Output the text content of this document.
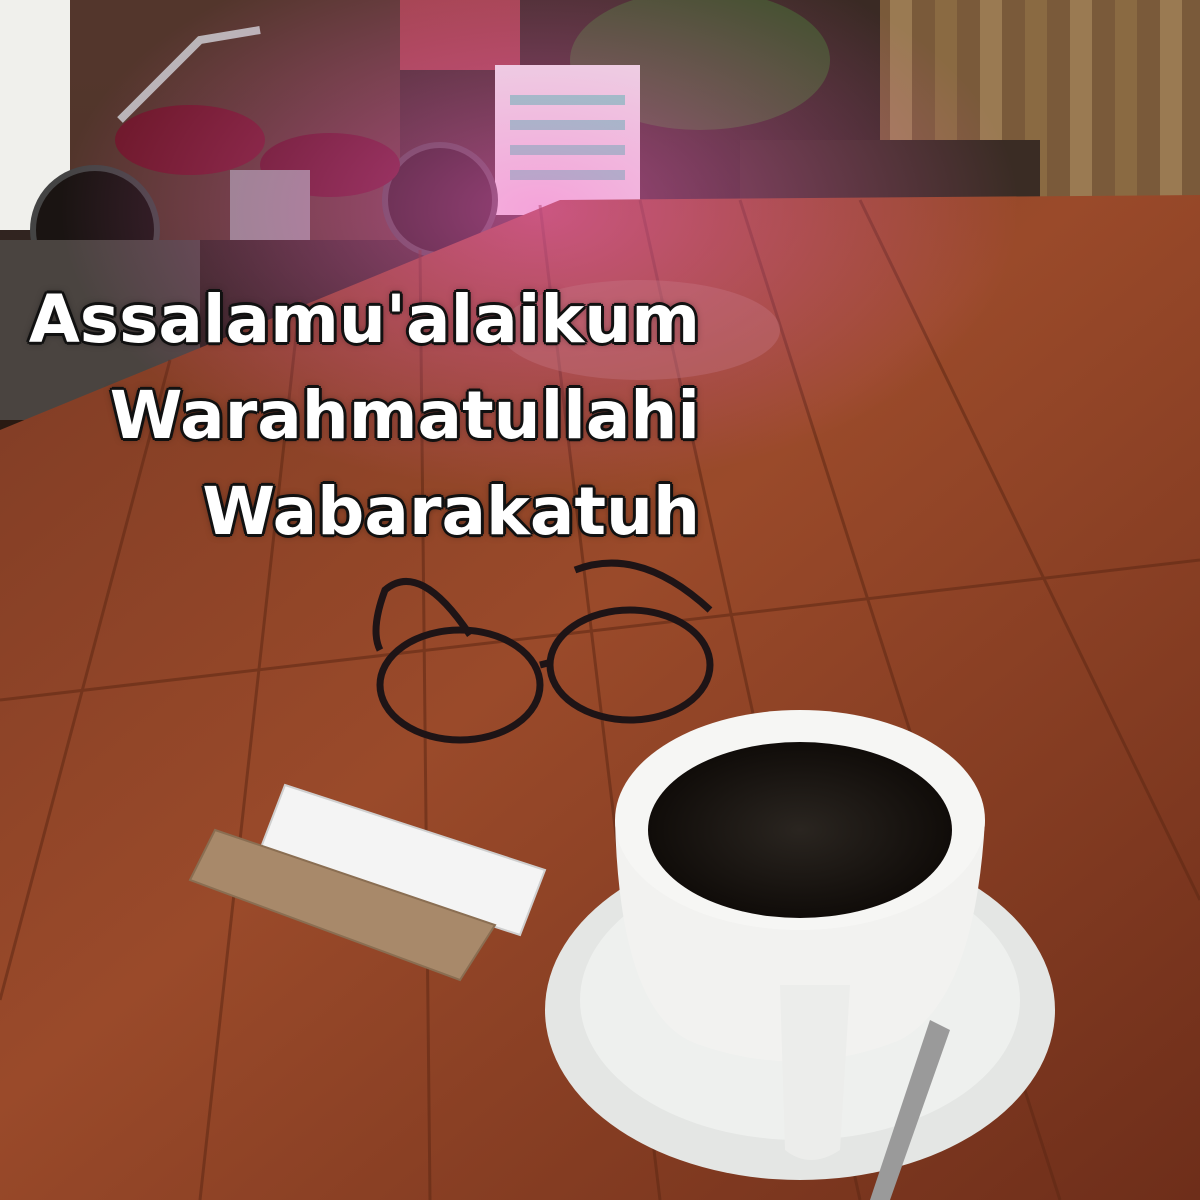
Assalamu'alaikum
Warahmatullahi
Wabarakatuh
